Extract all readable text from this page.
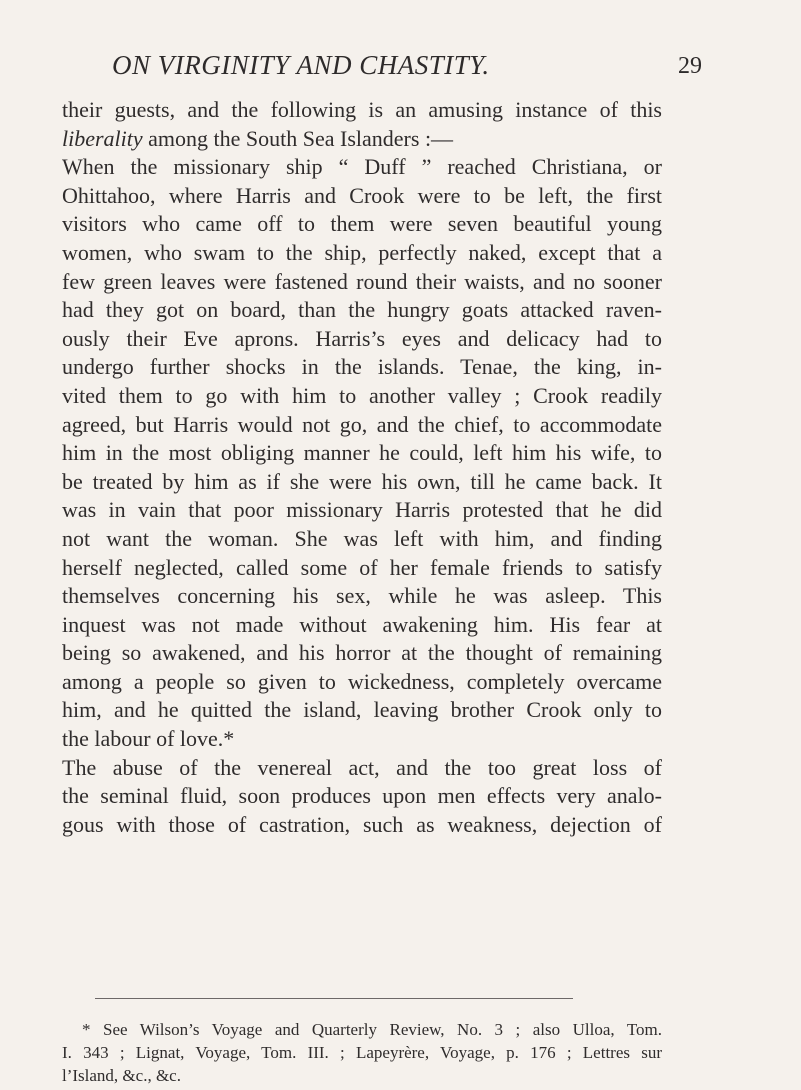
ON VIRGINITY AND CHASTITY.	29
their guests, and the following is an amusing instance of this
liberality among the South Sea Islanders :—
When the missionary ship “ Duff ” reached Christiana, or
Ohittahoo, where Harris and Crook were to be left, the first
visitors who came off to them were seven beautiful young
women, who swam to the ship, perfectly naked, except that a
few green leaves were fastened round their waists, and no sooner
had they got on board, than the hungry goats attacked raven-
ously their Eve aprons. Harris’s eyes and delicacy had to
undergo further shocks in the islands. Tenae, the king, in-
vited them to go with him to another valley ; Crook readily
agreed, but Harris would not go, and the chief, to accommodate
him in the most obliging manner he could, left him his wife, to
be treated by him as if she were his own, till he came back. It
was in vain that poor missionary Harris protested that he did
not want the woman. She was left with him, and finding
herself neglected, called some of her female friends to satisfy
themselves concerning his sex, while he was asleep. This
inquest was not made without awakening him. His fear at
being so awakened, and his horror at the thought of remaining
among a people so given to wickedness, completely overcame
him, and he quitted the island, leaving brother Crook only to
the labour of love.*
The abuse of the venereal act, and the too great loss of
the seminal fluid, soon produces upon men effects very analo-
gous with those of castration, such as weakness, dejection of
* See Wilson’s Voyage and Quarterly Review, No. 3 ; also Ulloa, Tom.
I. 343 ; Lignat, Voyage, Tom. III. ; Lapeyrère, Voyage, p. 176 ; Lettres sur
l’Island, &c., &c.
